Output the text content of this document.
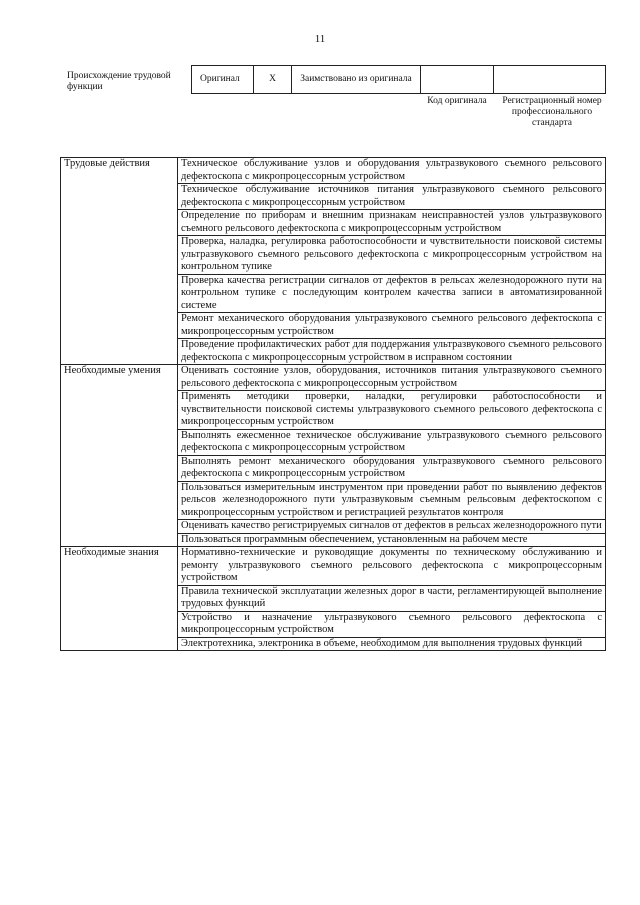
11
Происхождение трудовой функции
Оригинал	X	Заимствовано из оригинала
Код оригинала	Регистрационный номер профессионального стандарта
Трудовые действия	Техническое обслуживание узлов и оборудования ультразвукового съемного рельсового дефектоскопа с микропроцессорным устройством
	Техническое обслуживание источников питания ультразвукового съемного рельсового дефектоскопа с микропроцессорным устройством
	Определение по приборам и внешним признакам неисправностей узлов ультразвукового съемного рельсового дефектоскопа с микропроцессорным устройством
	Проверка, наладка, регулировка работоспособности и чувствительности поисковой системы ультразвукового съемного рельсового дефектоскопа с микропроцессорным устройством на контрольном тупике
	Проверка качества регистрации сигналов от дефектов в рельсах железнодорожного пути на контрольном тупике с последующим контролем качества записи в автоматизированной системе
	Ремонт механического оборудования ультразвукового съемного рельсового дефектоскопа с микропроцессорным устройством
	Проведение профилактических работ для поддержания ультразвукового съемного рельсового дефектоскопа с микропроцессорным устройством в исправном состоянии
Необходимые умения	Оценивать состояние узлов, оборудования, источников питания ультразвукового съемного рельсового дефектоскопа с микропроцессорным устройством
	Применять методики проверки, наладки, регулировки работоспособности и чувствительности поисковой системы ультразвукового съемного рельсового дефектоскопа с микропроцессорным устройством
	Выполнять ежесменное техническое обслуживание ультразвукового съемного рельсового дефектоскопа с микропроцессорным устройством
	Выполнять ремонт механического оборудования ультразвукового съемного рельсового дефектоскопа с микропроцессорным устройством
	Пользоваться измерительным инструментом при проведении работ по выявлению дефектов рельсов железнодорожного пути ультразвуковым съемным рельсовым дефектоскопом с микропроцессорным устройством и регистрацией результатов контроля
	Оценивать качество регистрируемых сигналов от дефектов в рельсах железнодорожного пути
	Пользоваться программным обеспечением, установленным на рабочем месте
Необходимые знания	Нормативно-технические и руководящие документы по техническому обслуживанию и ремонту ультразвукового съемного рельсового дефектоскопа с микропроцессорным устройством
	Правила технической эксплуатации железных дорог в части, регламентирующей выполнение трудовых функций
	Устройство и назначение ультразвукового съемного рельсового дефектоскопа с микропроцессорным устройством
	Электротехника, электроника в объеме, необходимом для выполнения трудовых функций
